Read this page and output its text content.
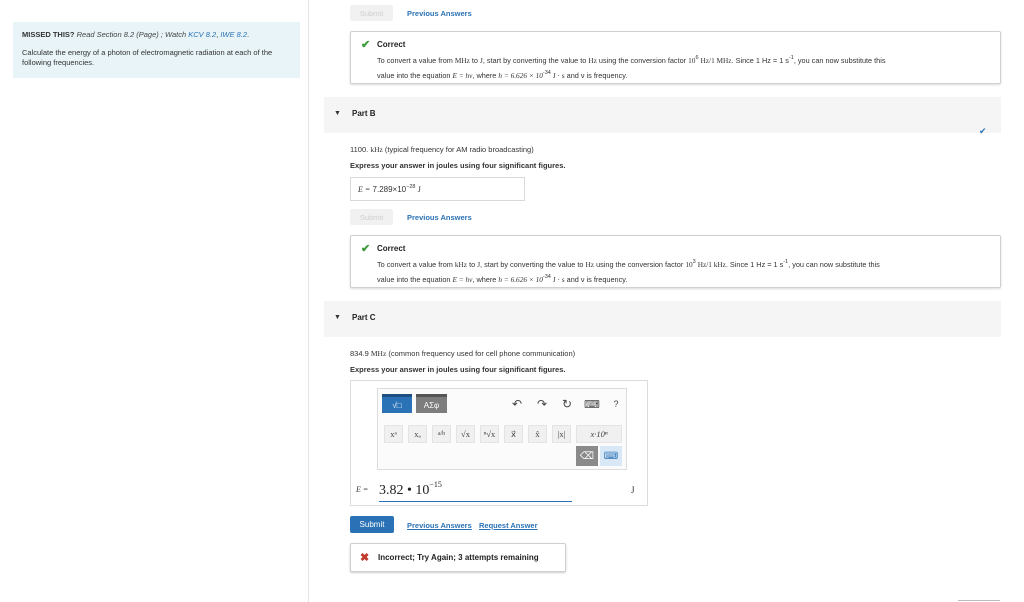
MISSED THIS? Read Section 8.2 (Page) ; Watch KCV 8.2, IWE 8.2.
Calculate the energy of a photon of electromagnetic radiation at each of the following frequencies.
Submit	Previous Answers
✔ Correct
To convert a value from MHz to J, start by converting the value to Hz using the conversion factor $10^6$ Hz/1 MHz. Since 1 Hz = 1 $s^{-1}$, you can now substitute this
value into the equation E = hν, where $h = 6.626 \times 10^{-34}$ J · s and ν is frequency.
▼ Part B
✔
1100. kHz (typical frequency for AM radio broadcasting)
Express your answer in joules using four significant figures.
$E = 7.289\times 10^{-28}$ J
Submit	Previous Answers
✔ Correct
To convert a value from kHz to J, start by converting the value to Hz using the conversion factor $10^3$ Hz/1 kHz. Since 1 Hz = 1 $s^{-1}$, you can now substitute this
value into the equation E = hν, where $h = 6.626 \times 10^{-34}$ J · s and ν is frequency.
▼ Part C
834.9 MHz (common frequency used for cell phone communication)
Express your answer in joules using four significant figures.
√□	ΑΣφ	↶ ↷ ↻ ⌨	?
xᵃ	xₐ	a/b	√x	ⁿ√x	x⃗	x̂	|x|	x·10ⁿ
⌫ ⌨
E = 3.82 • $10^{-15}$
J
Submit	Previous Answers Request Answer
✖ Incorrect; Try Again; 3 attempts remaining
